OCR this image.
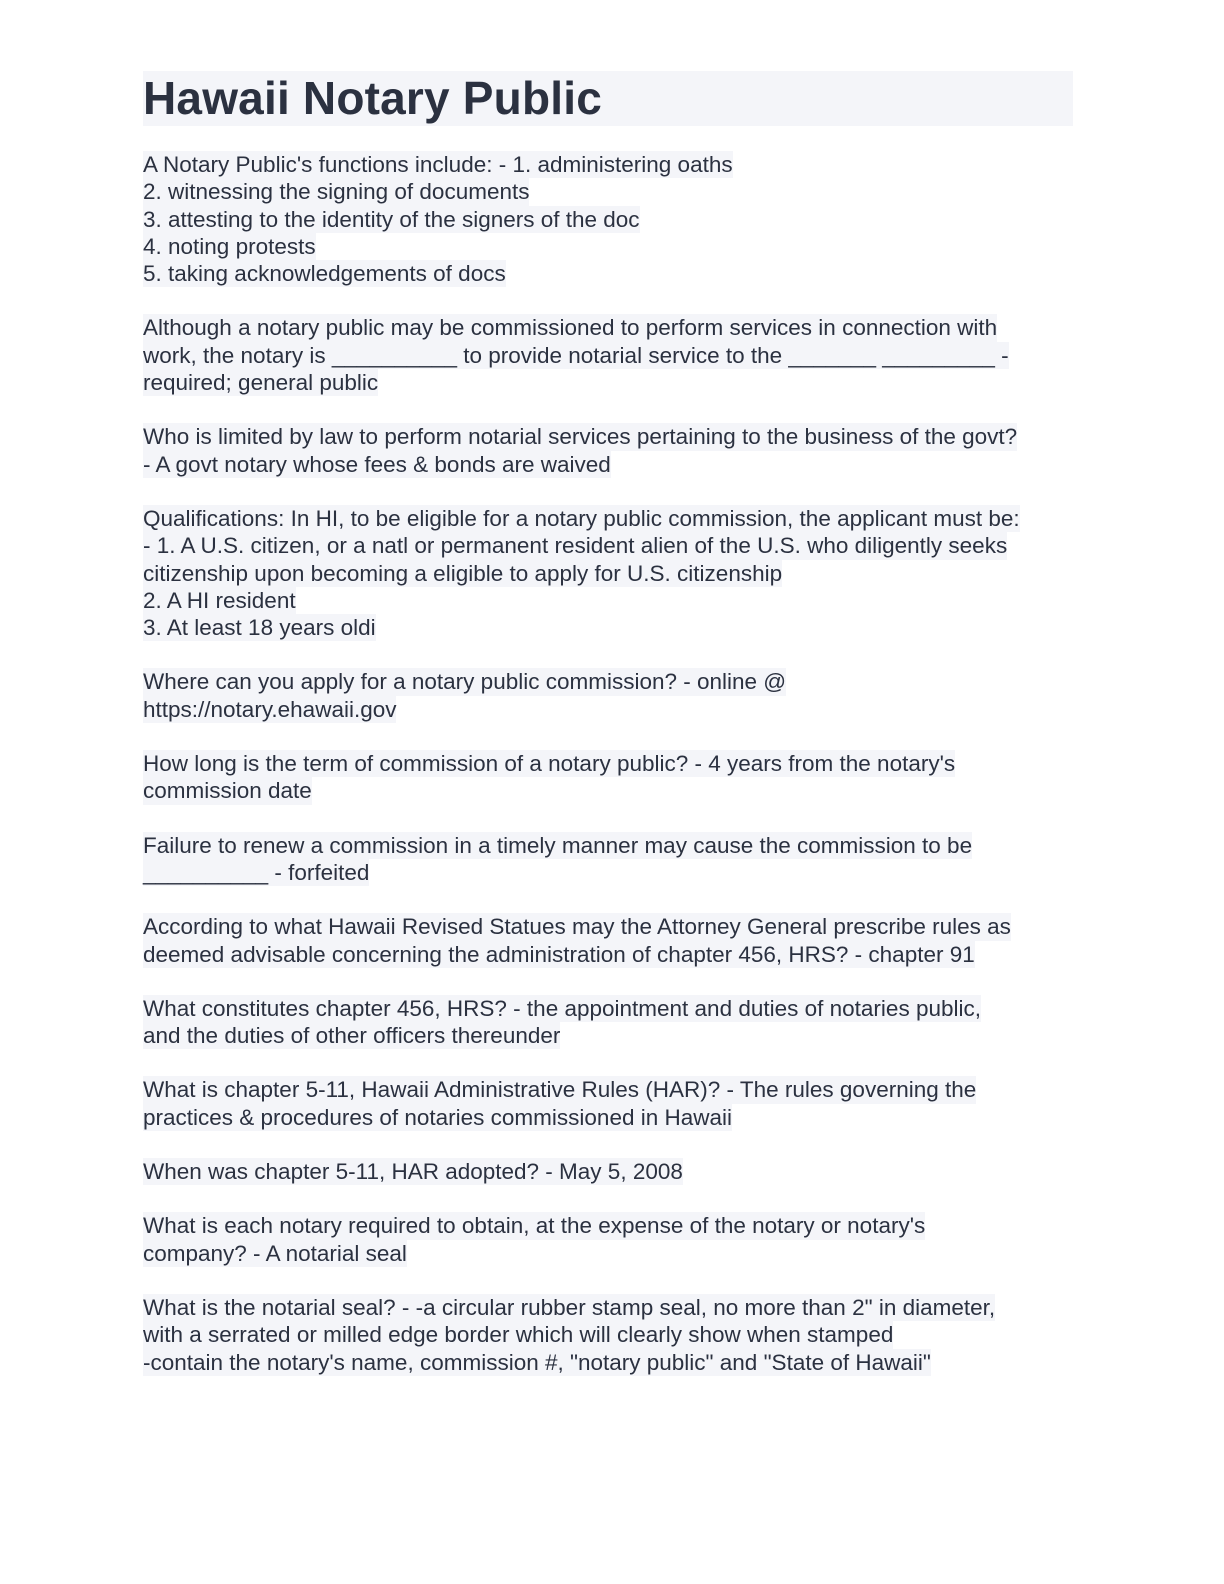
Hawaii Notary Public

A Notary Public's functions include: - 1. administering oaths
2. witnessing the signing of documents
3. attesting to the identity of the signers of the doc
4. noting protests
5. taking acknowledgements of docs

Although a notary public may be commissioned to perform services in connection with
work, the notary is __________ to provide notarial service to the _______ _________ -
required; general public

Who is limited by law to perform notarial services pertaining to the business of the govt?
- A govt notary whose fees & bonds are waived

Qualifications: In HI, to be eligible for a notary public commission, the applicant must be:
- 1. A U.S. citizen, or a natl or permanent resident alien of the U.S. who diligently seeks
citizenship upon becoming a eligible to apply for U.S. citizenship
2. A HI resident
3. At least 18 years oldi

Where can you apply for a notary public commission? - online @
https://notary.ehawaii.gov

How long is the term of commission of a notary public? - 4 years from the notary's
commission date

Failure to renew a commission in a timely manner may cause the commission to be
__________ - forfeited

According to what Hawaii Revised Statues may the Attorney General prescribe rules as
deemed advisable concerning the administration of chapter 456, HRS? - chapter 91

What constitutes chapter 456, HRS? - the appointment and duties of notaries public,
and the duties of other officers thereunder

What is chapter 5-11, Hawaii Administrative Rules (HAR)? - The rules governing the
practices & procedures of notaries commissioned in Hawaii

When was chapter 5-11, HAR adopted? - May 5, 2008

What is each notary required to obtain, at the expense of the notary or notary's
company? - A notarial seal

What is the notarial seal? - -a circular rubber stamp seal, no more than 2" in diameter,
with a serrated or milled edge border which will clearly show when stamped
-contain the notary's name, commission #, "notary public" and "State of Hawaii"
